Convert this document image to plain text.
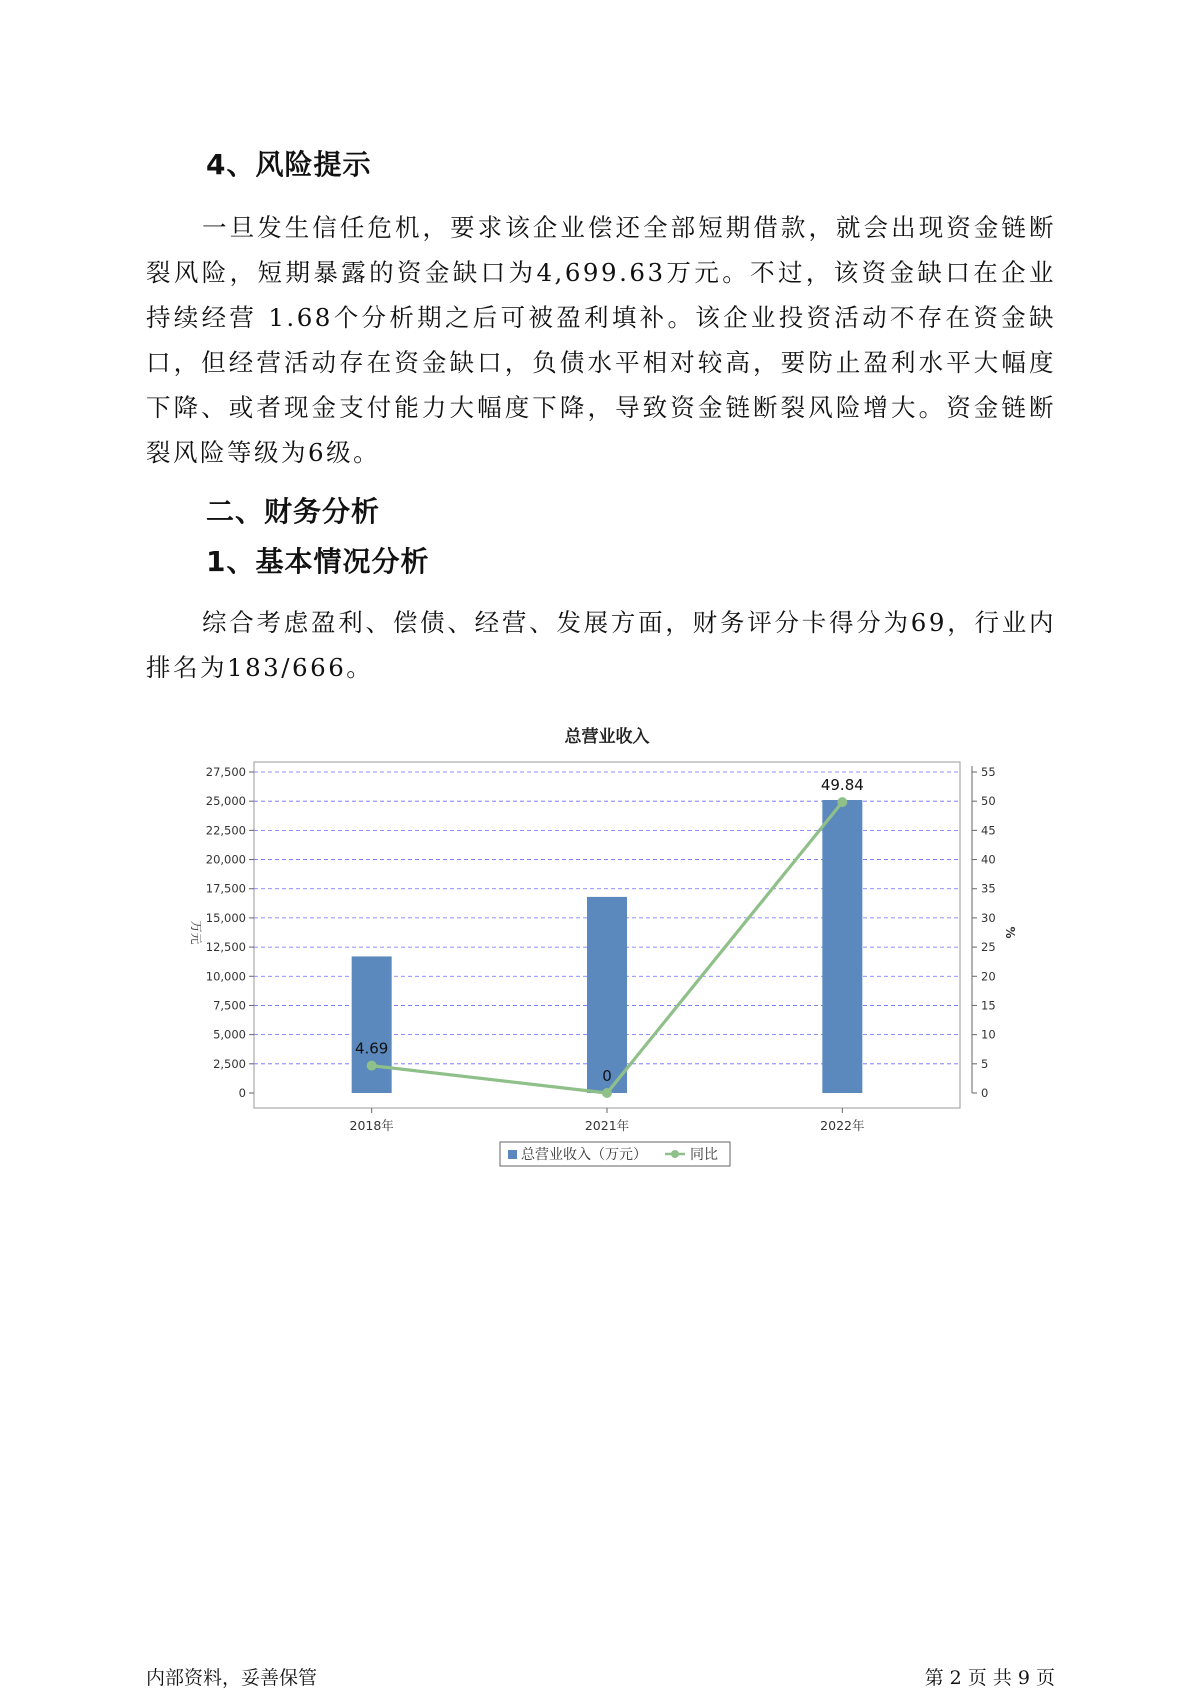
4、风险提示

一旦发生信任危机，要求该企业偿还全部短期借款，就会出现资金链断裂风险，短期暴露的资金缺口为4,699.63万元。不过，该资金缺口在企业持续经营 1.68个分析期之后可被盈利填补。该企业投资活动不存在资金缺口，但经营活动存在资金缺口，负债水平相对较高，要防止盈利水平大幅度下降、或者现金支付能力大幅度下降，导致资金链断裂风险增大。资金链断裂风险等级为6级。

二、财务分析
1、基本情况分析

综合考虑盈利、偿债、经营、发展方面，财务评分卡得分为69，行业内排名为183/666。

总营业收入
0
2,500
5,000
7,500
10,000
12,500
15,000
17,500
20,000
22,500
25,000
27,500
0
5
10
15
20
25
30
35
40
45
50
55
万元	%
2018年	2021年	2022年
4.69
0
49.84
总营业收入（万元）	同比
内部资料，妥善保管	第 2 页 共 9 页
